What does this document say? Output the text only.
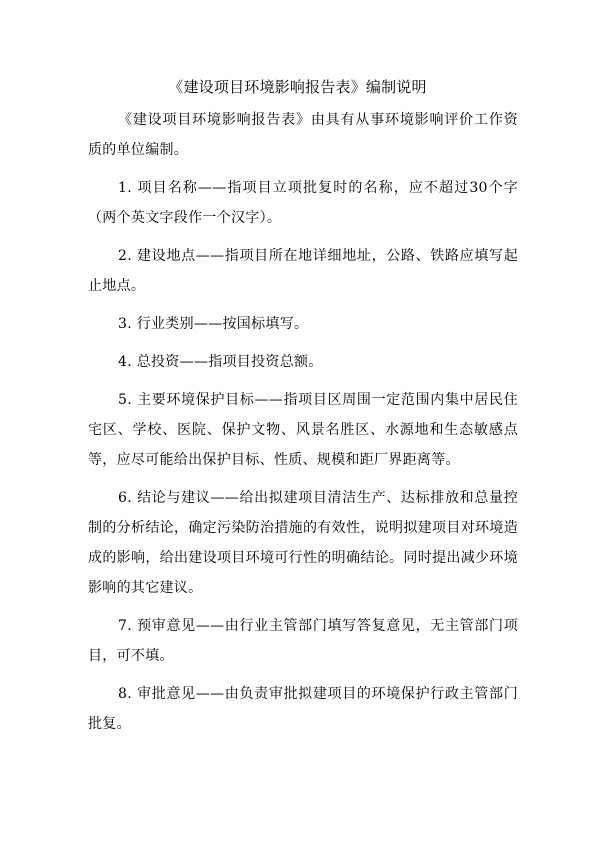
《建设项目环境影响报告表》编制说明

《建设项目环境影响报告表》由具有从事环境影响评价工作资质的单位编制。

1. 项目名称——指项目立项批复时的名称，应不超过30个字（两个英文字段作一个汉字）。

2. 建设地点——指项目所在地详细地址，公路、铁路应填写起止地点。

3. 行业类别——按国标填写。

4. 总投资——指项目投资总额。

5. 主要环境保护目标——指项目区周围一定范围内集中居民住宅区、学校、医院、保护文物、风景名胜区、水源地和生态敏感点等，应尽可能给出保护目标、性质、规模和距厂界距离等。

6. 结论与建议——给出拟建项目清洁生产、达标排放和总量控制的分析结论，确定污染防治措施的有效性，说明拟建项目对环境造成的影响，给出建设项目环境可行性的明确结论。同时提出减少环境影响的其它建议。

7. 预审意见——由行业主管部门填写答复意见，无主管部门项目，可不填。

8. 审批意见——由负责审批拟建项目的环境保护行政主管部门批复。
